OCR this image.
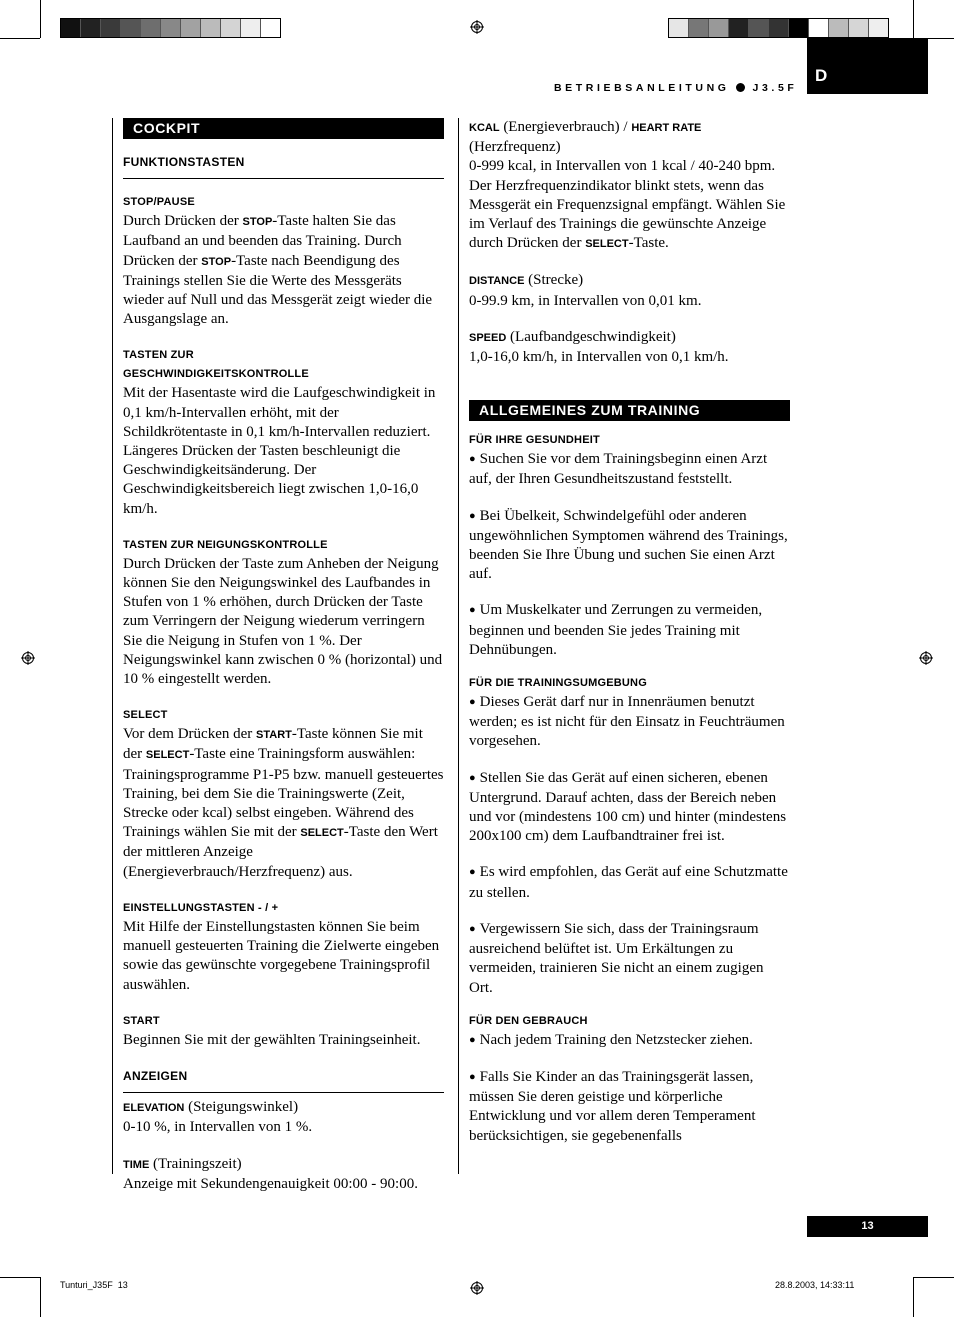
BETRIEBSANLEITUNG J3.5F
D
COCKPIT
FUNKTIONSTASTEN
STOP/PAUSE

Durch Drücken der STOP-Taste halten Sie das Laufband an und beenden das Training. Durch Drücken der STOP-Taste nach Beendigung des Trainings stellen Sie die Werte des Messgeräts wieder auf Null und das Messgerät zeigt wieder die Ausgangslage an.

TASTEN ZUR
GESCHWINDIGKEITSKONTROLLE

Mit der Hasentaste wird die Laufgeschwindigkeit in 0,1 km/h-Intervallen erhöht, mit der Schildkrötentaste in 0,1 km/h-Intervallen reduziert. Längeres Drücken der Tasten beschleunigt die Geschwindigkeitsänderung. Der Geschwindigkeitsbereich liegt zwischen 1,0-16,0 km/h.

TASTEN ZUR NEIGUNGSKONTROLLE

Durch Drücken der Taste zum Anheben der Neigung können Sie den Neigungswinkel des Laufbandes in Stufen von 1 % erhöhen, durch Drücken der Taste zum Verringern der Neigung wiederum verringern Sie die Neigung in Stufen von 1 %. Der Neigungswinkel kann zwischen 0 % (horizontal) und 10 % eingestellt werden.

SELECT

Vor dem Drücken der START-Taste können Sie mit der SELECT-Taste eine Trainingsform auswählen: Trainingsprogramme P1-P5 bzw. manuell gesteuertes Training, bei dem Sie die Trainingswerte (Zeit, Strecke oder kcal) selbst eingeben. Während des Trainings wählen Sie mit der SELECT-Taste den Wert der mittleren Anzeige (Energieverbrauch/Herzfrequenz) aus.

EINSTELLUNGSTASTEN - / +

Mit Hilfe der Einstellungstasten können Sie beim manuell gesteuerten Training die Zielwerte eingeben sowie das gewünschte vorgegebene Trainingsprofil auswählen.

START

Beginnen Sie mit der gewählten Trainingseinheit.

ANZEIGEN

ELEVATION (Steigungswinkel)

0-10 %, in Intervallen von 1 %.

TIME (Trainingszeit)

Anzeige mit Sekundengenauigkeit 00:00 - 90:00.

KCAL (Energieverbrauch) / HEART RATE

(Herzfrequenz)

0-999 kcal, in Intervallen von 1 kcal / 40-240 bpm. Der Herzfrequenzindikator blinkt stets, wenn das Messgerät ein Frequenzsignal empfängt. Wählen Sie im Verlauf des Trainings die gewünschte Anzeige durch Drücken der SELECT-Taste.

DISTANCE (Strecke)

0-99.9 km, in Intervallen von 0,01 km.

SPEED (Laufbandgeschwindigkeit)

1,0-16,0 km/h, in Intervallen von 0,1 km/h.

ALLGEMEINES ZUM TRAINING
FÜR IHRE GESUNDHEIT

● Suchen Sie vor dem Trainingsbeginn einen Arzt auf, der Ihren Gesundheitszustand feststellt.

● Bei Übelkeit, Schwindelgefühl oder anderen ungewöhnlichen Symptomen während des Trainings, beenden Sie Ihre Übung und suchen Sie einen Arzt auf.

● Um Muskelkater und Zerrungen zu vermeiden, beginnen und beenden Sie jedes Training mit Dehnübungen.

FÜR DIE TRAININGSUMGEBUNG

● Dieses Gerät darf nur in Innenräumen benutzt werden; es ist nicht für den Einsatz in Feuchträumen vorgesehen.

● Stellen Sie das Gerät auf einen sicheren, ebenen Untergrund. Darauf achten, dass der Bereich neben und vor (mindestens 100 cm) und hinter (mindestens 200x100 cm) dem Laufbandtrainer frei ist.

● Es wird empfohlen, das Gerät auf eine Schutzmatte zu stellen.

● Vergewissern Sie sich, dass der Trainingsraum ausreichend belüftet ist. Um Erkältungen zu vermeiden, trainieren Sie nicht an einem zugigen Ort.

FÜR DEN GEBRAUCH

● Nach jedem Training den Netzstecker ziehen.

● Falls Sie Kinder an das Trainingsgerät lassen, müssen Sie deren geistige und körperliche Entwicklung und vor allem deren Temperament berücksichtigen, sie gegebenenfalls

13
Tunturi_J35F 13	28.8.2003, 14:33:11
